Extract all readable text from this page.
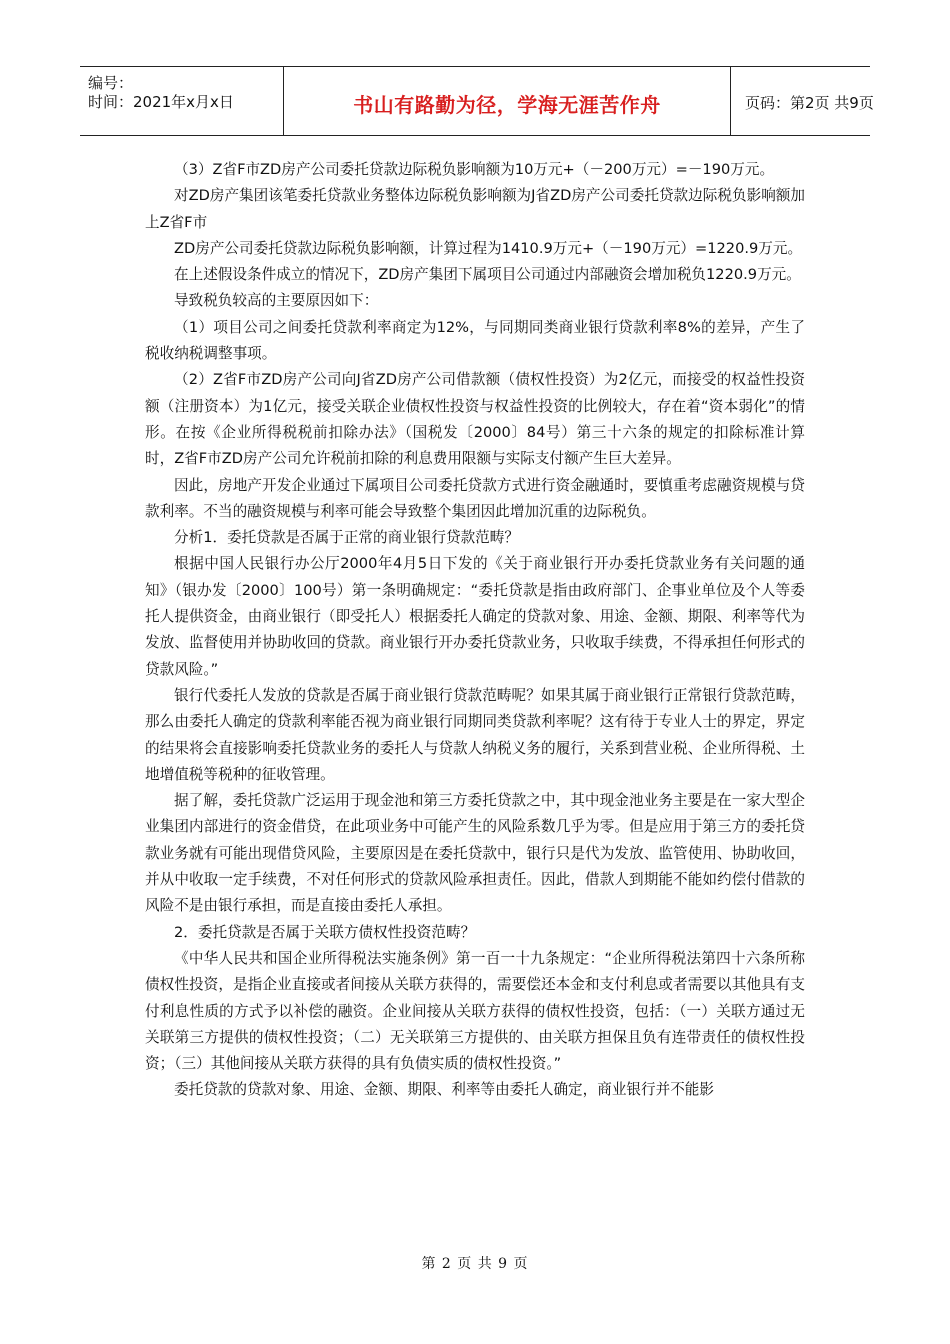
编号：
时间：2021年x月x日	书山有路勤为径，学海无涯苦作舟	页码：第2页 共9页

（3）Z省F市ZD房产公司委托贷款边际税负影响额为10万元+（－200万元）=－190万元。

对ZD房产集团该笔委托贷款业务整体边际税负影响额为J省ZD房产公司委托贷款边际税负影响额加上Z省F市

ZD房产公司委托贷款边际税负影响额，计算过程为1410.9万元+（－190万元）=1220.9万元。

在上述假设条件成立的情况下，ZD房产集团下属项目公司通过内部融资会增加税负1220.9万元。

导致税负较高的主要原因如下：

（1）项目公司之间委托贷款利率商定为12%，与同期同类商业银行贷款利率8%的差异，产生了税收纳税调整事项。

（2）Z省F市ZD房产公司向J省ZD房产公司借款额（债权性投资）为2亿元，而接受的权益性投资额（注册资本）为1亿元，接受关联企业债权性投资与权益性投资的比例较大，存在着“资本弱化”的情形。在按《企业所得税税前扣除办法》（国税发〔2000〕84号）第三十六条的规定的扣除标准计算时，Z省F市ZD房产公司允许税前扣除的利息费用限额与实际支付额产生巨大差异。

因此，房地产开发企业通过下属项目公司委托贷款方式进行资金融通时，要慎重考虑融资规模与贷款利率。不当的融资规模与利率可能会导致整个集团因此增加沉重的边际税负。

分析1．委托贷款是否属于正常的商业银行贷款范畴？

根据中国人民银行办公厅2000年4月5日下发的《关于商业银行开办委托贷款业务有关问题的通知》（银办发〔2000〕100号）第一条明确规定：“委托贷款是指由政府部门、企事业单位及个人等委托人提供资金，由商业银行（即受托人）根据委托人确定的贷款对象、用途、金额、期限、利率等代为发放、监督使用并协助收回的贷款。商业银行开办委托贷款业务，只收取手续费，不得承担任何形式的贷款风险。”

银行代委托人发放的贷款是否属于商业银行贷款范畴呢？如果其属于商业银行正常银行贷款范畴，那么由委托人确定的贷款利率能否视为商业银行同期同类贷款利率呢？这有待于专业人士的界定，界定的结果将会直接影响委托贷款业务的委托人与贷款人纳税义务的履行，关系到营业税、企业所得税、土地增值税等税种的征收管理。

据了解，委托贷款广泛运用于现金池和第三方委托贷款之中，其中现金池业务主要是在一家大型企业集团内部进行的资金借贷，在此项业务中可能产生的风险系数几乎为零。但是应用于第三方的委托贷款业务就有可能出现借贷风险，主要原因是在委托贷款中，银行只是代为发放、监管使用、协助收回，并从中收取一定手续费，不对任何形式的贷款风险承担责任。因此，借款人到期能不能如约偿付借款的风险不是由银行承担，而是直接由委托人承担。

2．委托贷款是否属于关联方债权性投资范畴？

《中华人民共和国企业所得税法实施条例》第一百一十九条规定：“企业所得税法第四十六条所称债权性投资，是指企业直接或者间接从关联方获得的，需要偿还本金和支付利息或者需要以其他具有支付利息性质的方式予以补偿的融资。企业间接从关联方获得的债权性投资，包括：（一）关联方通过无关联第三方提供的债权性投资；（二）无关联第三方提供的、由关联方担保且负有连带责任的债权性投资；（三）其他间接从关联方获得的具有负债实质的债权性投资。”

委托贷款的贷款对象、用途、金额、期限、利率等由委托人确定，商业银行并不能影

第 2 页 共 9 页
